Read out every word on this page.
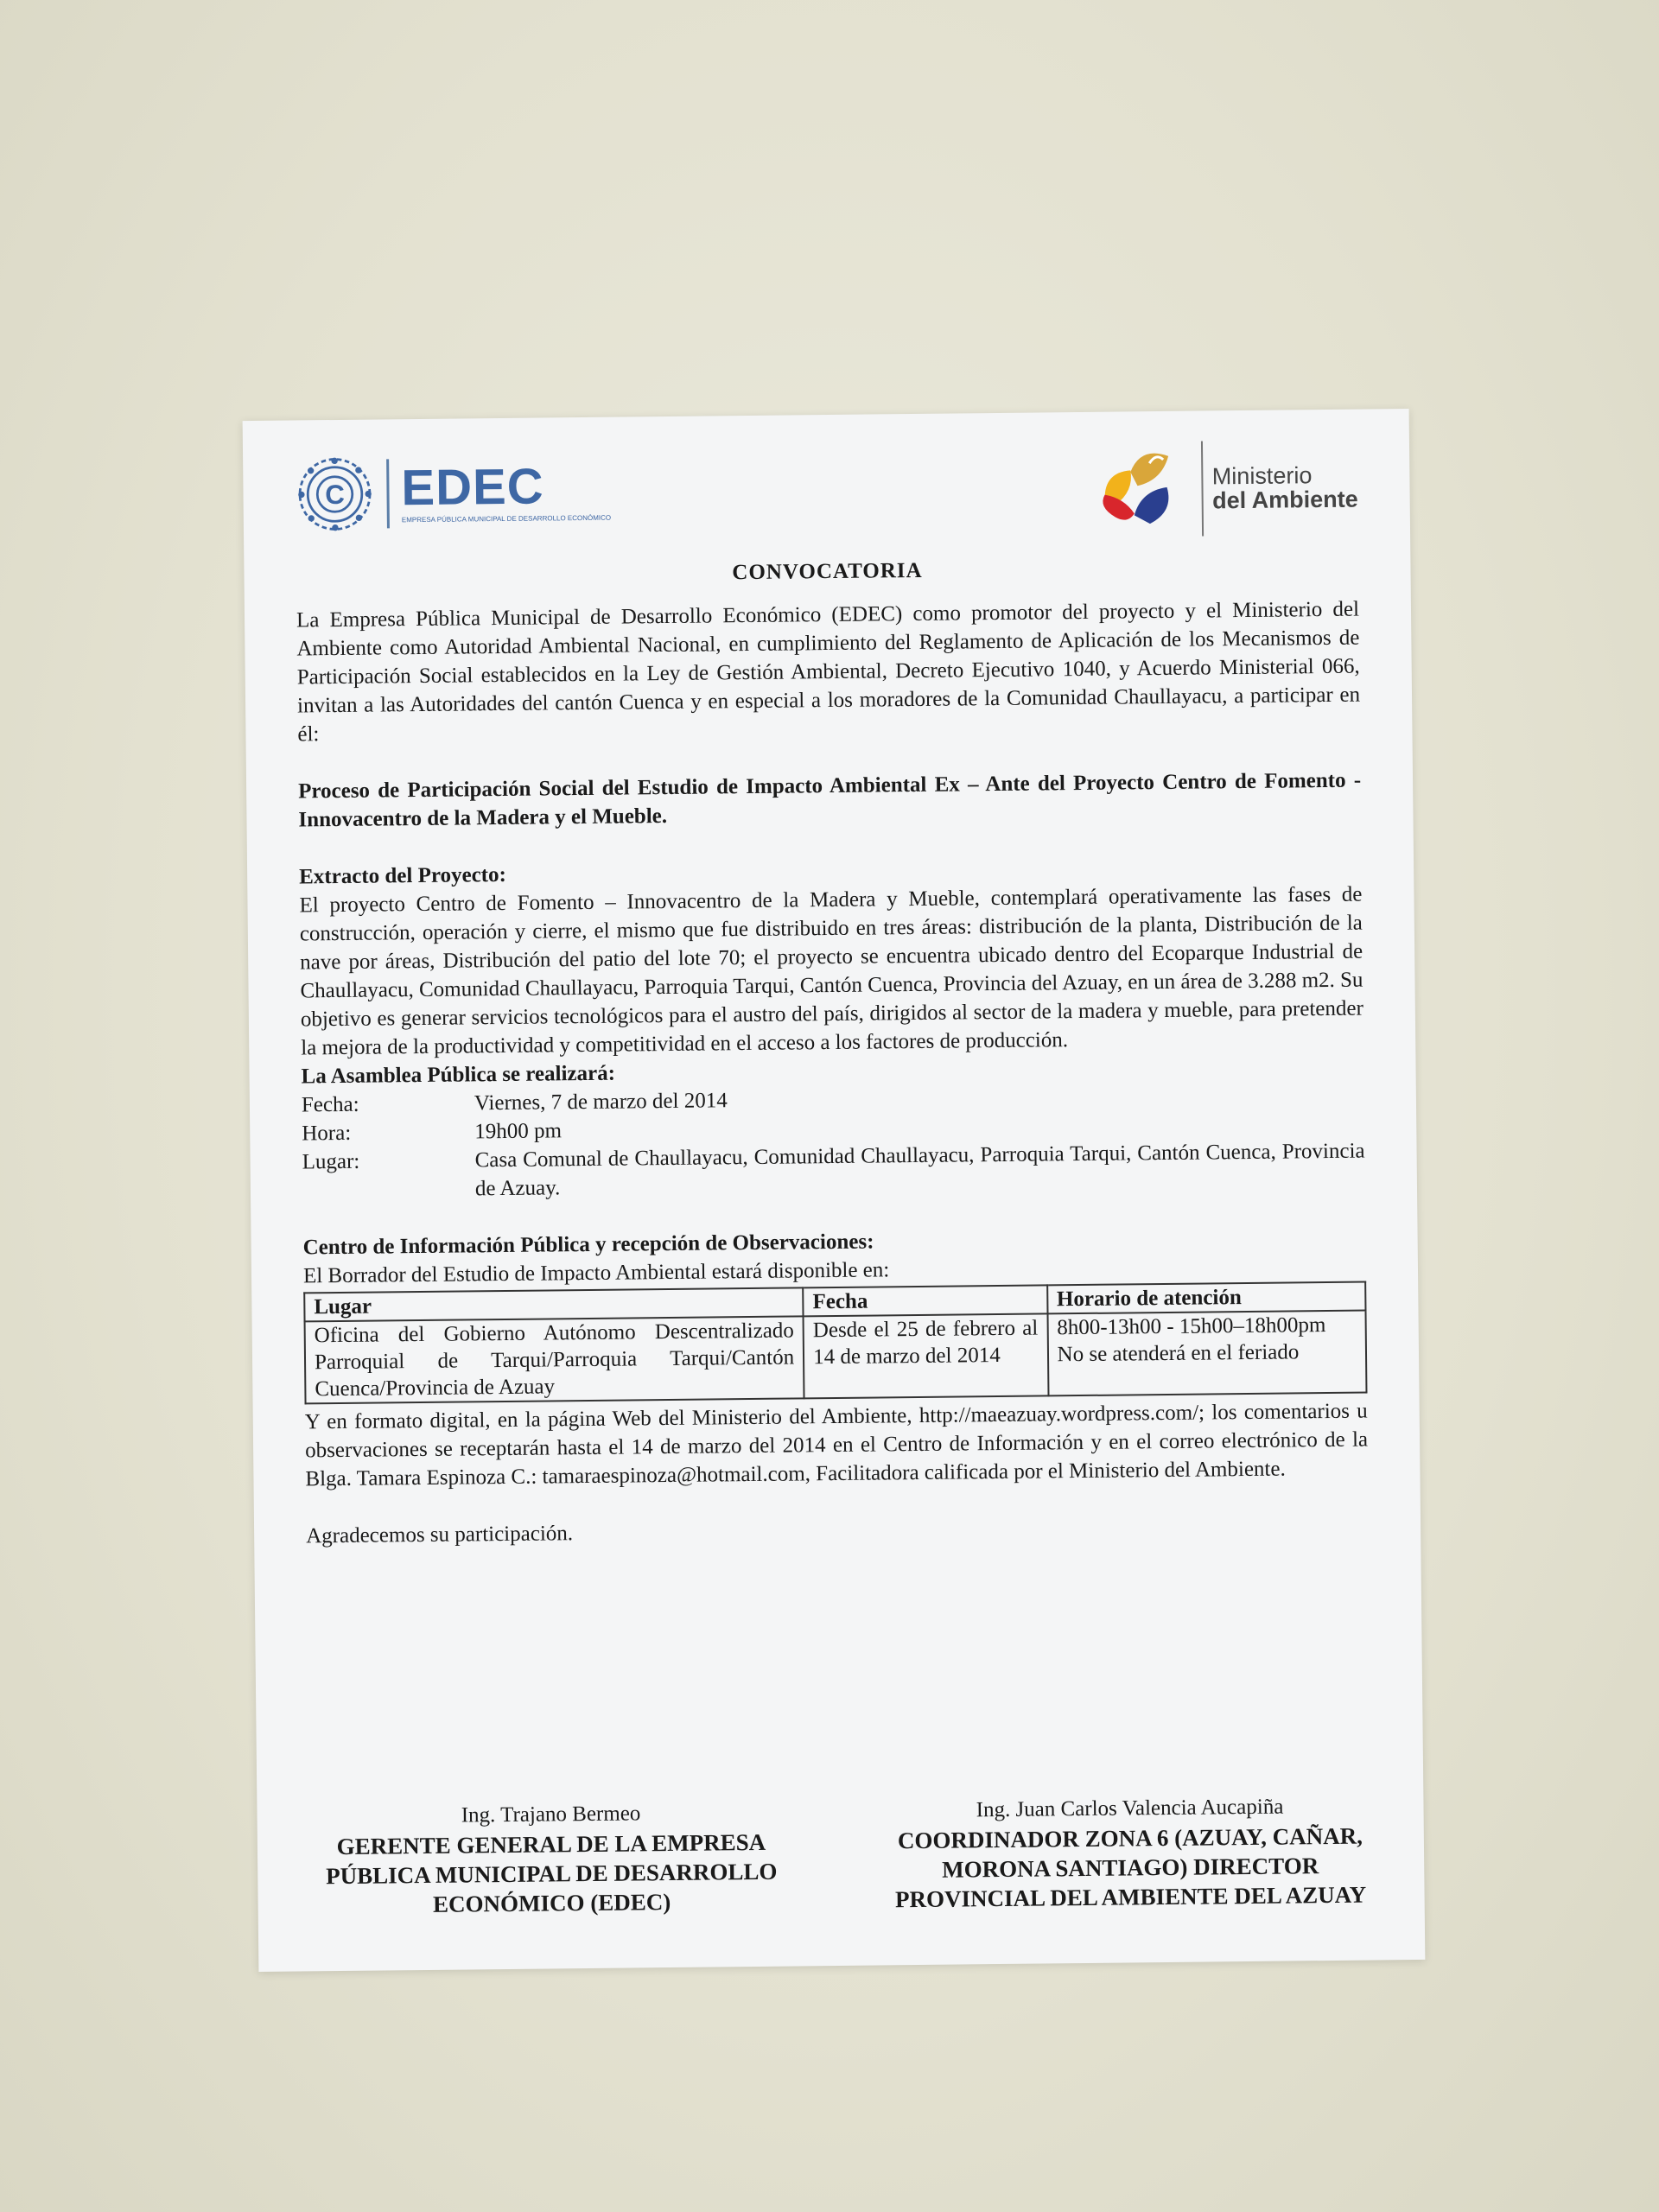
C EDEC
EMPRESA PÚBLICA MUNICIPAL DE DESARROLLO ECONÓMICO
Ministerio
del Ambiente
CONVOCATORIA

La Empresa Pública Municipal de Desarrollo Económico (EDEC) como promotor del proyecto y el Ministerio del Ambiente como Autoridad Ambiental Nacional, en cumplimiento del Reglamento de Aplicación de los Mecanismos de Participación Social establecidos en la Ley de Gestión Ambiental, Decreto Ejecutivo 1040, y Acuerdo Ministerial 066, invitan a las Autoridades del cantón Cuenca y en especial a los moradores de la Comunidad Chaullayacu, a participar en él:

Proceso de Participación Social del Estudio de Impacto Ambiental Ex – Ante del Proyecto Centro de Fomento - Innovacentro de la Madera y el Mueble.

Extracto del Proyecto:

El proyecto Centro de Fomento – Innovacentro de la Madera y Mueble, contemplará operativamente las fases de construcción, operación y cierre, el mismo que fue distribuido en tres áreas: distribución de la planta, Distribución de la nave por áreas, Distribución del patio del lote 70; el proyecto se encuentra ubicado dentro del Ecoparque Industrial de Chaullayacu, Comunidad Chaullayacu, Parroquia Tarqui, Cantón Cuenca, Provincia del Azuay, en un área de 3.288 m2. Su objetivo es generar servicios tecnológicos para el austro del país, dirigidos al sector de la madera y mueble, para pretender la mejora de la productividad y competitividad en el acceso a los factores de producción.

La Asamblea Pública se realizará:

Fecha:	Viernes, 7 de marzo del 2014
Hora:	19h00 pm
Lugar:	Casa Comunal de Chaullayacu, Comunidad Chaullayacu, Parroquia Tarqui, Cantón Cuenca, Provincia de Azuay.

Centro de Información Pública y recepción de Observaciones:

El Borrador del Estudio de Impacto Ambiental estará disponible en:

Lugar	Fecha	Horario de atención
Oficina del Gobierno Autónomo Descentralizado Parroquial de Tarqui/Parroquia Tarqui/Cantón Cuenca/Provincia de Azuay	Desde el 25 de febrero al 14 de marzo del 2014	8h00-13h00 - 15h00–18h00pm
No se atenderá en el feriado

Y en formato digital, en la página Web del Ministerio del Ambiente, http://maeazuay.wordpress.com/; los comentarios u observaciones se receptarán hasta el 14 de marzo del 2014 en el Centro de Información y en el correo electrónico de la Blga. Tamara Espinoza C.: tamaraespinoza@hotmail.com, Facilitadora calificada por el Ministerio del Ambiente.

Agradecemos su participación.

Ing. Trajano Bermeo
GERENTE GENERAL DE LA EMPRESA PÚBLICA MUNICIPAL DE DESARROLLO ECONÓMICO (EDEC)
Ing. Juan Carlos Valencia Aucapiña
COORDINADOR ZONA 6 (AZUAY, CAÑAR, MORONA SANTIAGO) DIRECTOR PROVINCIAL DEL AMBIENTE DEL AZUAY
